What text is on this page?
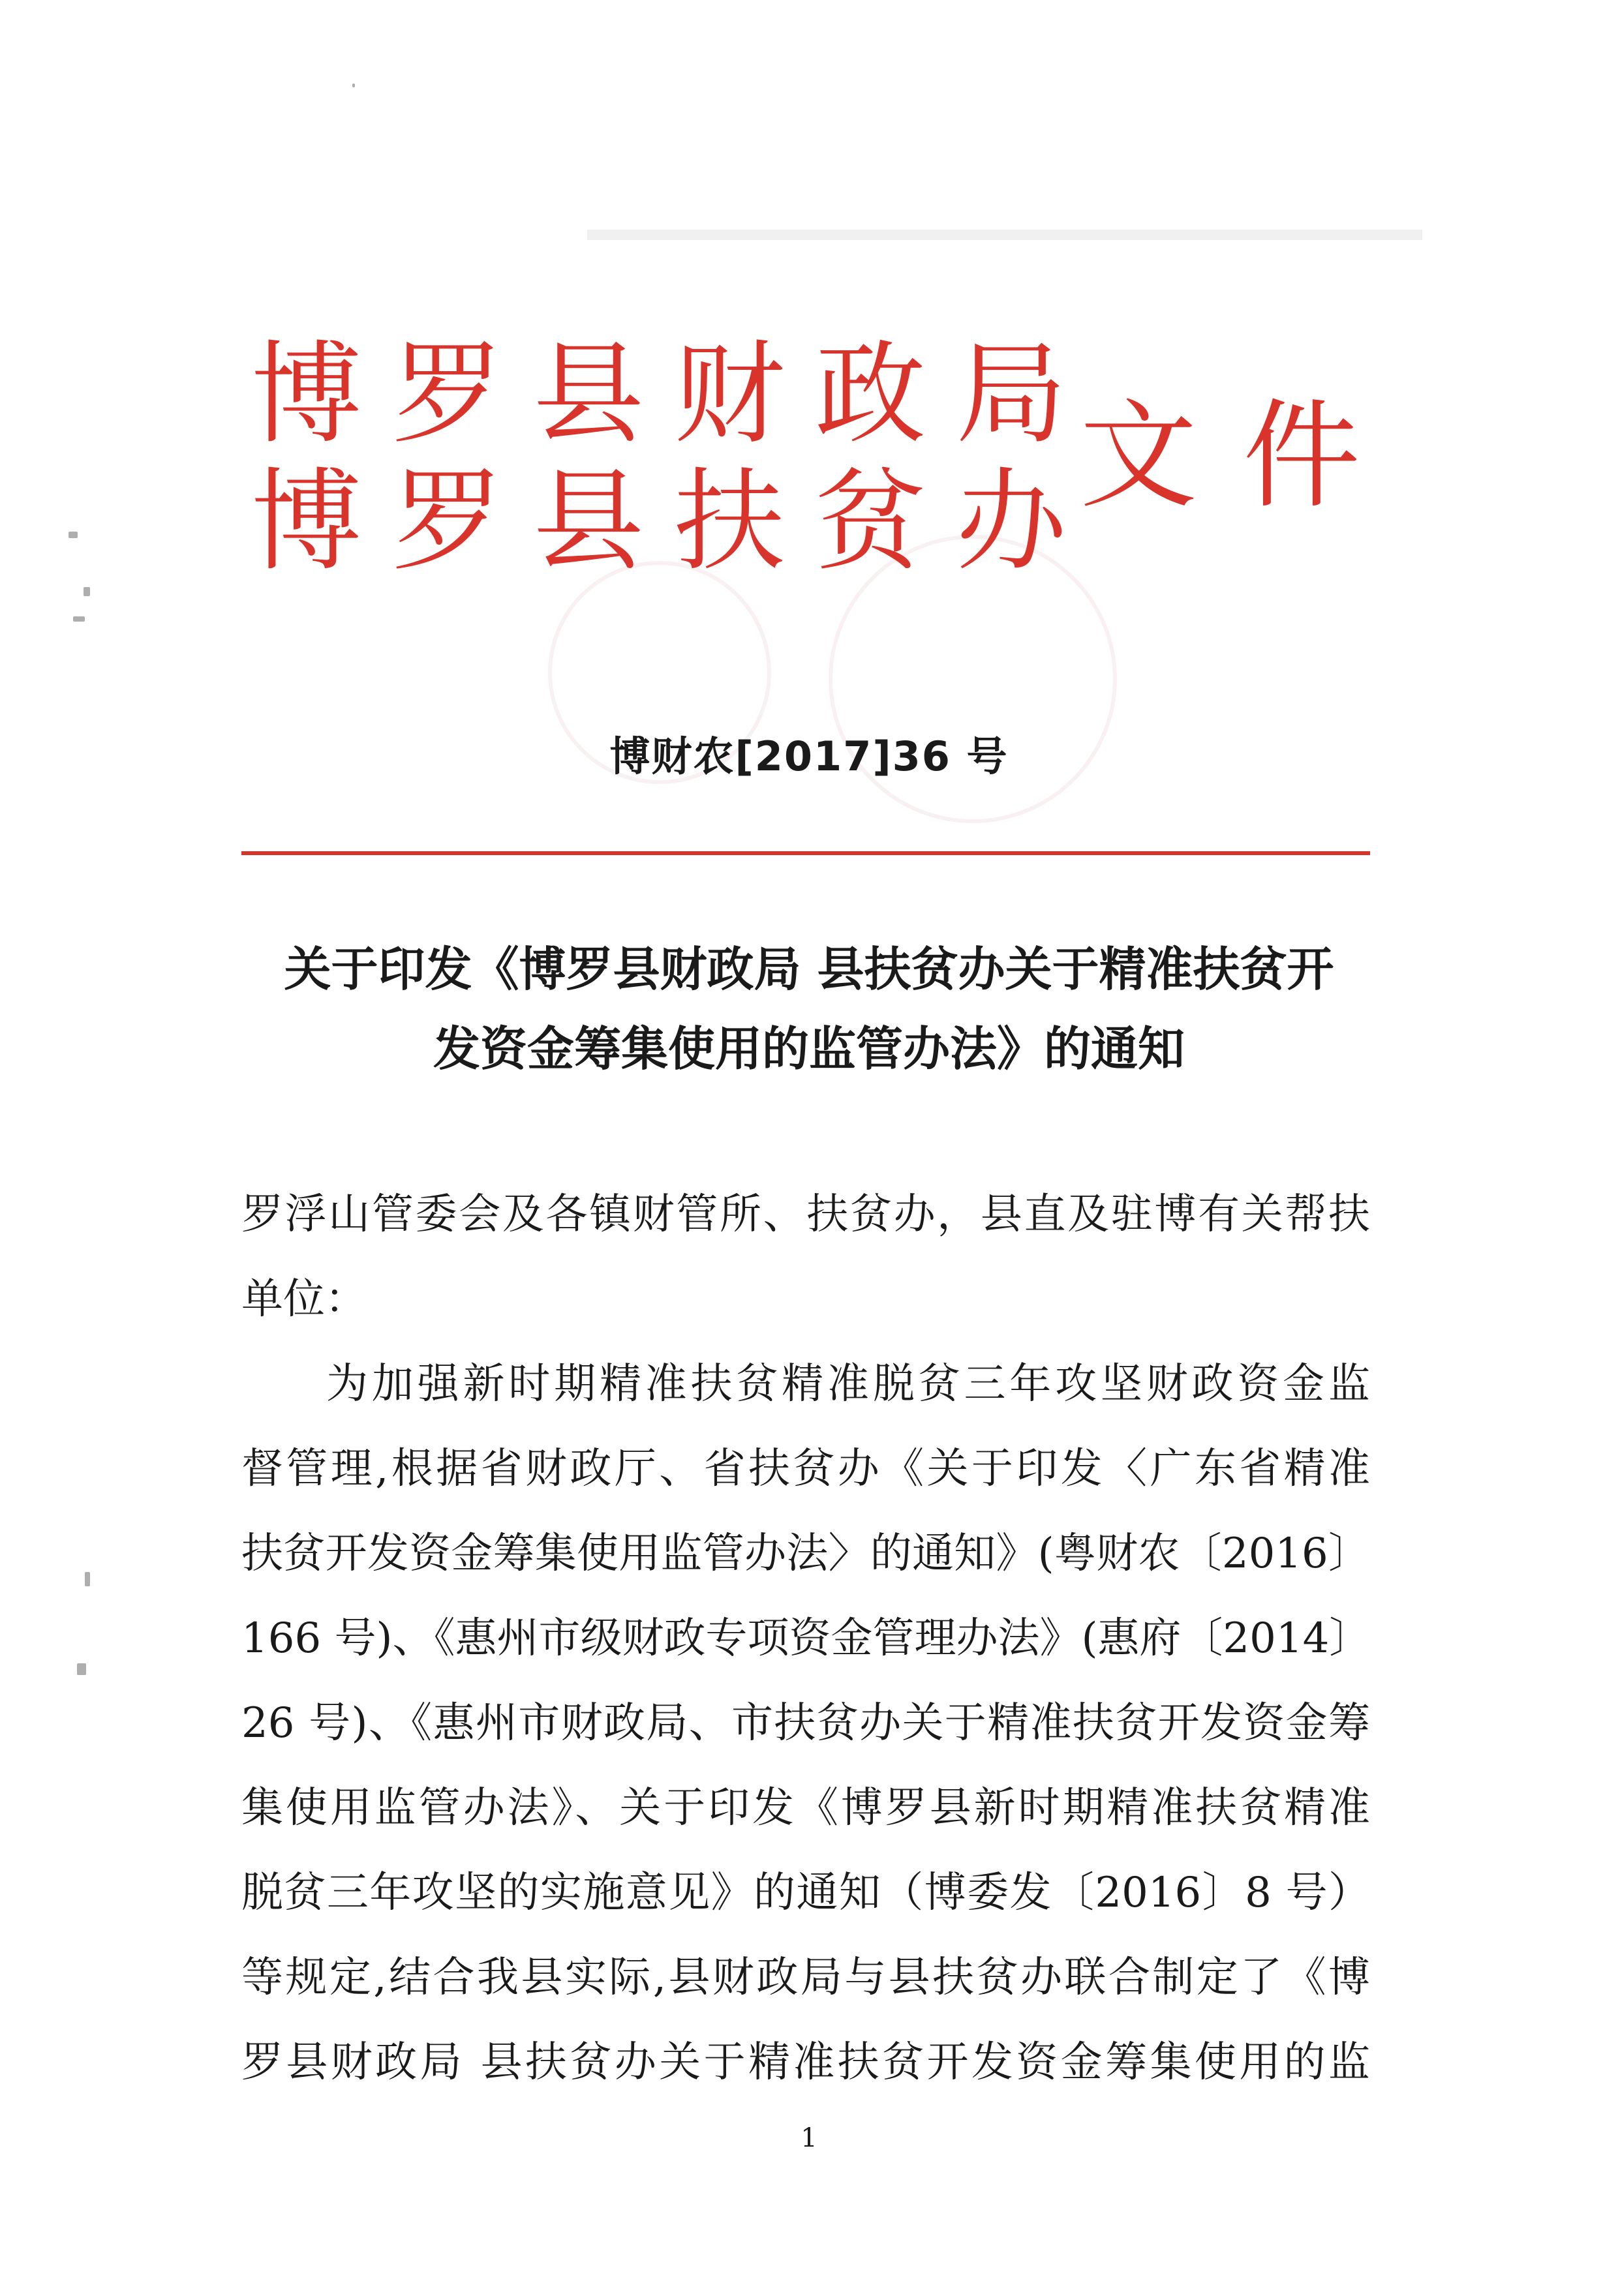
博罗县财政局
博罗县扶贫办
文件
博财农[2017]36 号
关于印发《博罗县财政局 县扶贫办关于精准扶贫开
发资金筹集使用的监管办法》的通知
罗浮山管委会及各镇财管所、扶贫办，县直及驻博有关帮扶
单位：
为加强新时期精准扶贫精准脱贫三年攻坚财政资金监
督管理,根据省财政厅、省扶贫办《关于印发〈广东省精准
扶贫开发资金筹集使用监管办法〉的通知》(粤财农〔2016〕
166 号)、《惠州市级财政专项资金管理办法》(惠府〔2014〕
26 号)、《惠州市财政局、市扶贫办关于精准扶贫开发资金筹
集使用监管办法》、关于印发《博罗县新时期精准扶贫精准
脱贫三年攻坚的实施意见》的通知（博委发〔2016〕8 号）
等规定,结合我县实际,县财政局与县扶贫办联合制定了《博
罗县财政局 县扶贫办关于精准扶贫开发资金筹集使用的监
1
